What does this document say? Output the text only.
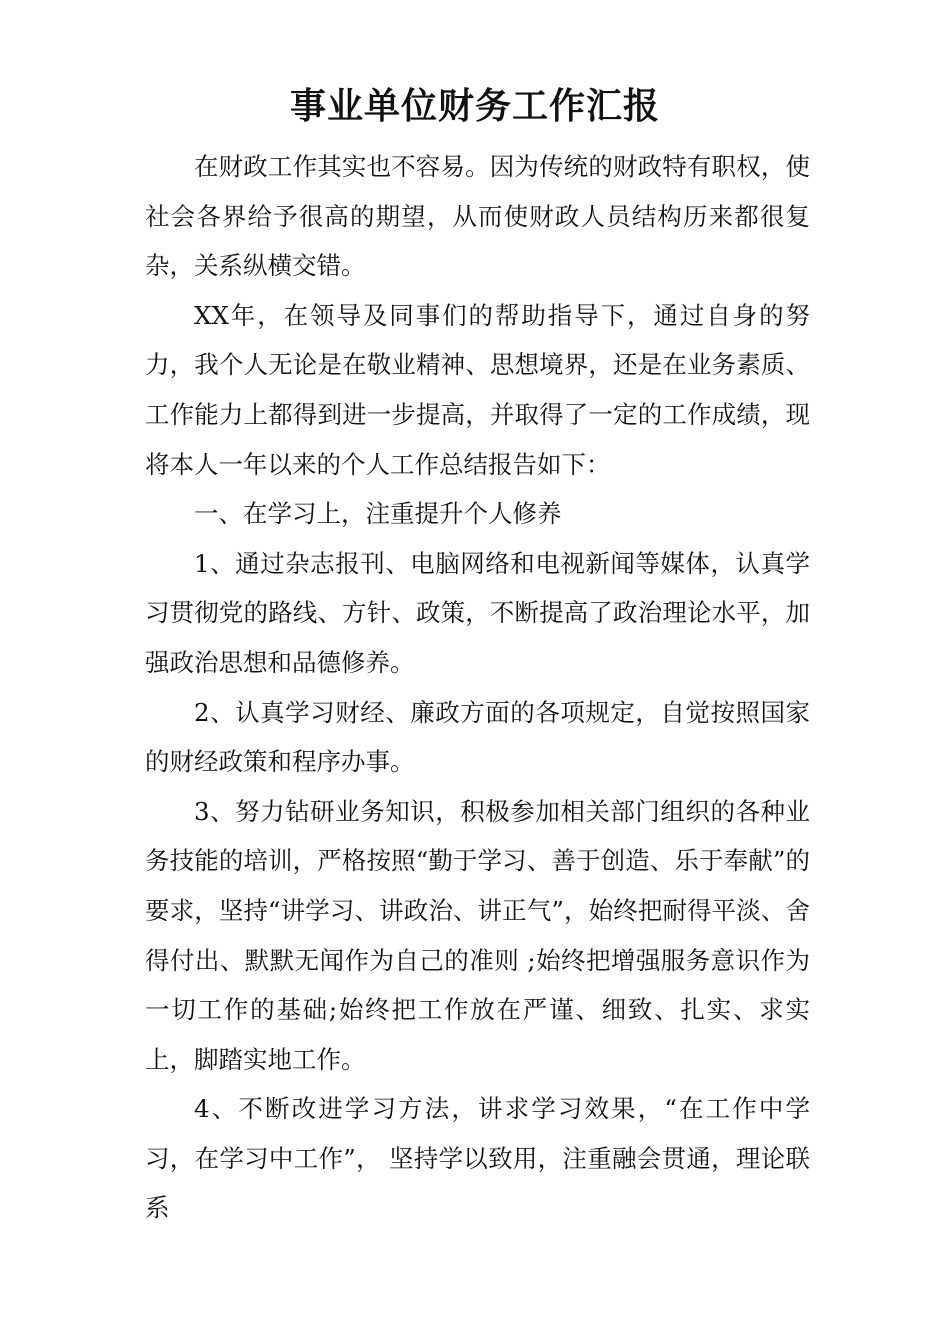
事业单位财务工作汇报

在财政工作其实也不容易。因为传统的财政特有职权，使社会各界给予很高的期望，从而使财政人员结构历来都很复杂，关系纵横交错。

XX年，在领导及同事们的帮助指导下，通过自身的努力，我个人无论是在敬业精神、思想境界，还是在业务素质、工作能力上都得到进一步提高，并取得了一定的工作成绩，现将本人一年以来的个人工作总结报告如下：

一、在学习上，注重提升个人修养

1、通过杂志报刊、电脑网络和电视新闻等媒体，认真学习贯彻党的路线、方针、政策，不断提高了政治理论水平，加强政治思想和品德修养。

2、认真学习财经、廉政方面的各项规定，自觉按照国家的财经政策和程序办事。

3、努力钻研业务知识，积极参加相关部门组织的各种业务技能的培训，严格按照“勤于学习、善于创造、乐于奉献”的要求，坚持“讲学习、讲政治、讲正气”，始终把耐得平淡、舍得付出、默默无闻作为自己的准则 ;始终把增强服务意识作为一切工作的基础;始终把工作放在严谨、细致、扎实、求实上，脚踏实地工作。

4、不断改进学习方法，讲求学习效果，“在工作中学习，在学习中工作”， 坚持学以致用，注重融会贯通，理论联系
